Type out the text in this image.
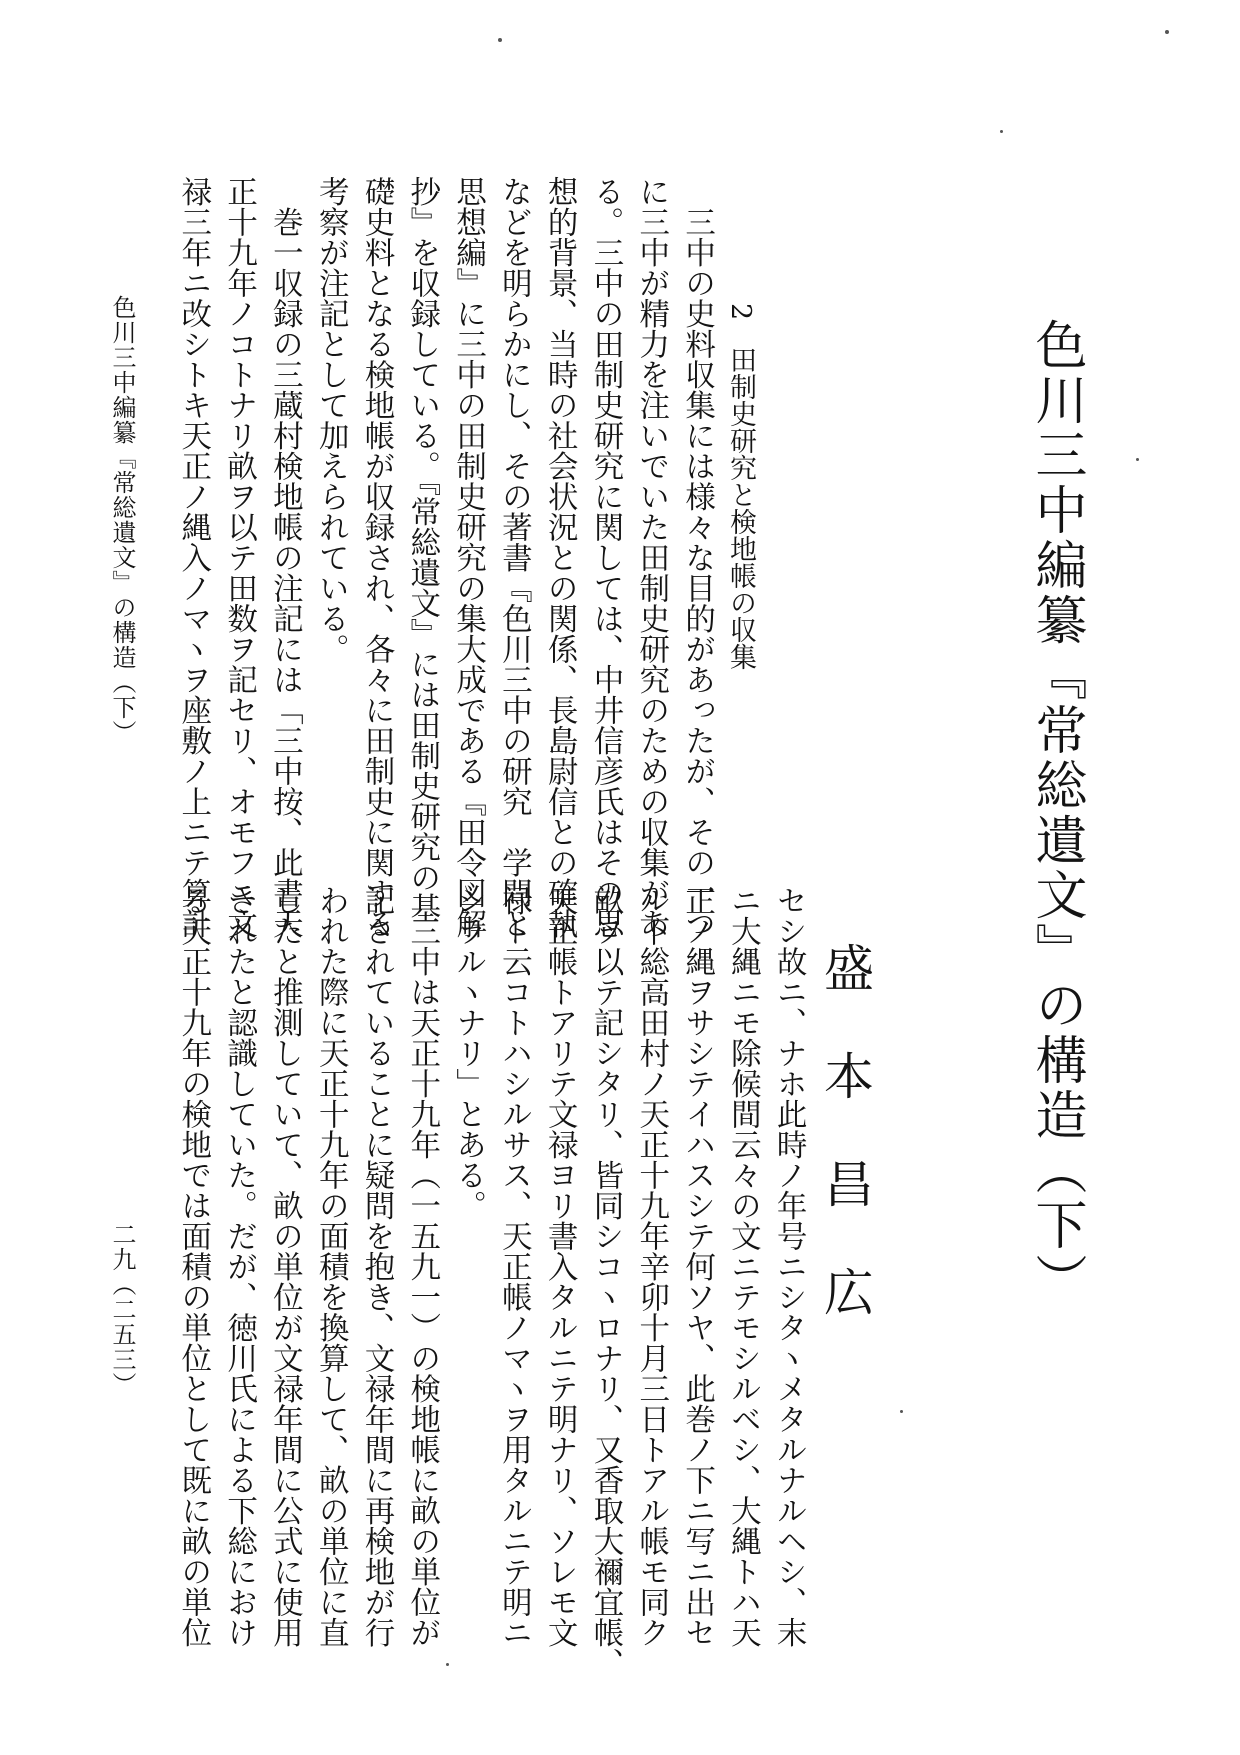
色川三中編纂『常総遺文』の構造（下）
盛本昌広
2田制史研究と検地帳の収集

　三中の史料収集には様々な目的があったが、その一つ

に三中が精力を注いでいた田制史研究のための収集があ

る。三中の田制史研究に関しては、中井信彦氏はその思

想的背景、当時の社会状況との関係、長島尉信との確執

などを明らかにし、その著書『色川三中の研究　学問と

思想編』に三中の田制史研究の集大成である『田令図解

抄』を収録している。『常総遺文』には田制史研究の基

礎史料となる検地帳が収録され、各々に田制史に関する

考察が注記として加えられている。

　巻一収録の三蔵村検地帳の注記には「三中按、此書天

正十九年ノコトナリ畝ヲ以テ田数ヲ記セリ、オモフニ文

禄三年ニ改シトキ天正ノ縄入ノマヽヲ座敷ノ上ニテ算計

セシ故ニ、ナホ此時ノ年号ニシタヽメタルナルヘシ、末

ニ大縄ニモ除候間云々の文ニテモシルベシ、大縄トハ天

正ノ縄ヲサシテイハスシテ何ソヤ、此巻ノ下ニ写ニ出セ

ル下総高田村ノ天正十九年辛卯十月三日トアル帳モ同ク

畝ヲ以テ記シタリ、皆同シコヽロナリ、又香取大禰宜帳、

天正帳トアリテ文禄ヨリ書入タルニテ明ナリ、ソレモ文

禄ト云コトハシルサス、天正帳ノマヽヲ用タルニテ明ニ

シラルヽナリ」とある。

　三中は天正十九年（一五九一）の検地帳に畝の単位が

記されていることに疑問を抱き、文禄年間に再検地が行

われた際に天正十九年の面積を換算して、畝の単位に直

したと推測していて、畝の単位が文禄年間に公式に使用

されたと認識していた。だが、徳川氏による下総におけ

る天正十九年の検地では面積の単位として既に畝の単位

色川三中編纂『常総遺文』の構造（下）
二九（二五三）
